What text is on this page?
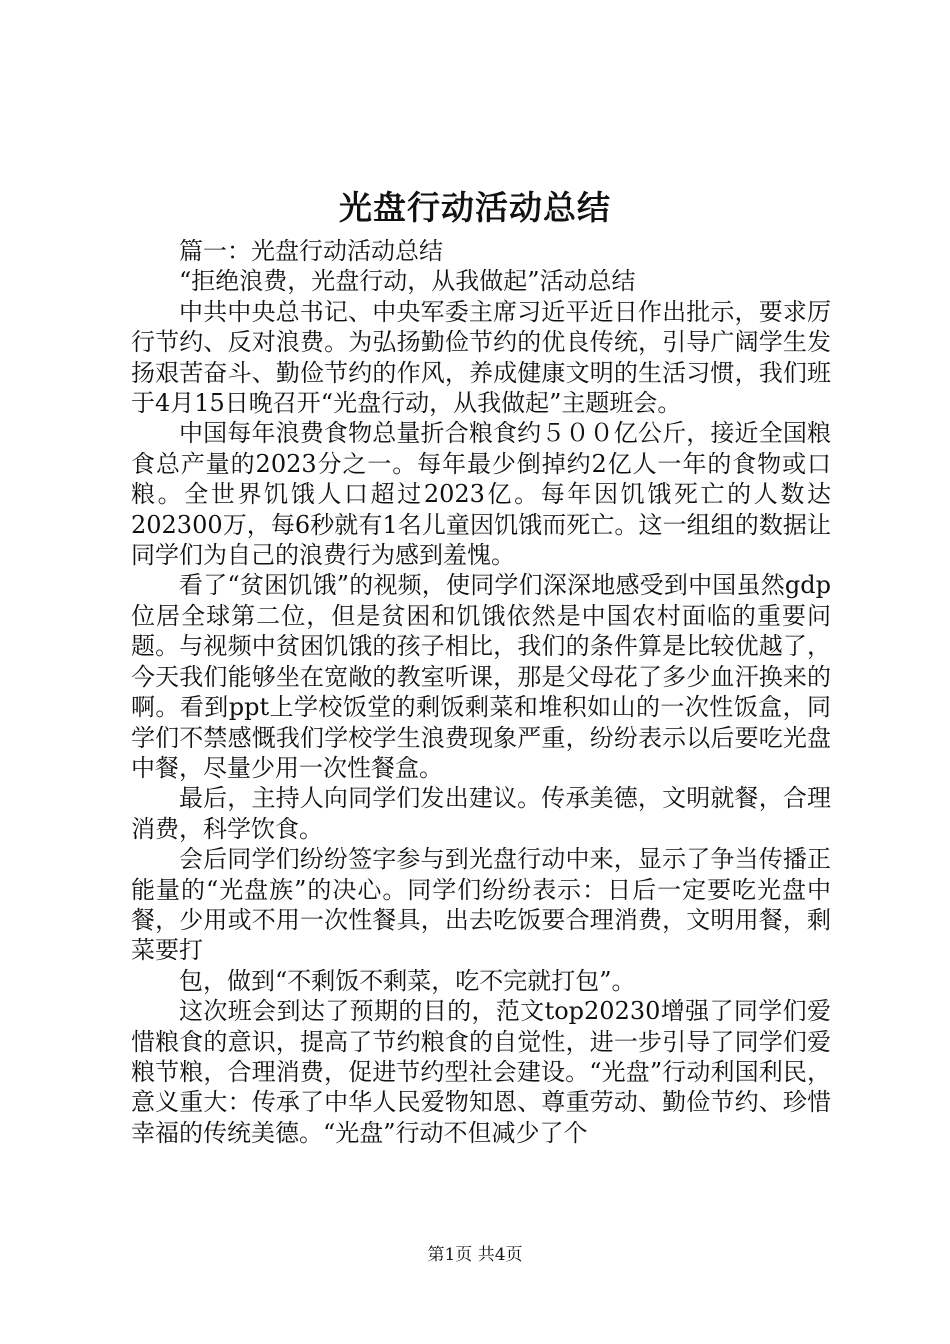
光盘行动活动总结

篇一：光盘行动活动总结

“拒绝浪费，光盘行动，从我做起”活动总结

中共中央总书记、中央军委主席习近平近日作出批示，要求厉行节约、反对浪费。为弘扬勤俭节约的优良传统，引导广阔学生发扬艰苦奋斗、勤俭节约的作风，养成健康文明的生活习惯，我们班于4月15日晚召开“光盘行动，从我做起”主题班会。

中国每年浪费食物总量折合粮食约５００亿公斤，接近全国粮食总产量的2023分之一。每年最少倒掉约2亿人一年的食物或口粮。全世界饥饿人口超过2023亿。每年因饥饿死亡的人数达202300万，每6秒就有1名儿童因饥饿而死亡。这一组组的数据让同学们为自己的浪费行为感到羞愧。

看了“贫困饥饿”的视频，使同学们深深地感受到中国虽然gdp位居全球第二位，但是贫困和饥饿依然是中国农村面临的重要问题。与视频中贫困饥饿的孩子相比，我们的条件算是比较优越了，今天我们能够坐在宽敞的教室听课，那是父母花了多少血汗换来的啊。看到ppt上学校饭堂的剩饭剩菜和堆积如山的一次性饭盒，同学们不禁感慨我们学校学生浪费现象严重，纷纷表示以后要吃光盘中餐，尽量少用一次性餐盒。

最后，主持人向同学们发出建议。传承美德，文明就餐，合理消费，科学饮食。

会后同学们纷纷签字参与到光盘行动中来，显示了争当传播正能量的“光盘族”的决心。同学们纷纷表示：日后一定要吃光盘中餐，少用或不用一次性餐具，出去吃饭要合理消费，文明用餐，剩菜要打

包，做到“不剩饭不剩菜，吃不完就打包”。

这次班会到达了预期的目的，范文top20230增强了同学们爱惜粮食的意识，提高了节约粮食的自觉性，进一步引导了同学们爱粮节粮，合理消费，促进节约型社会建设。“光盘”行动利国利民，意义重大：传承了中华人民爱物知恩、尊重劳动、勤俭节约、珍惜幸福的传统美德。“光盘”行动不但减少了个

第1页 共4页
